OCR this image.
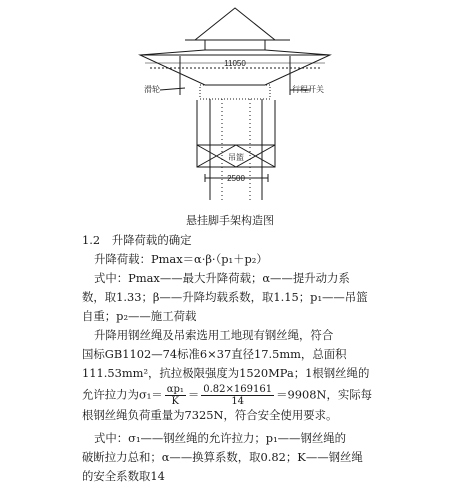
11050
滑轮	行程开关
吊篮
2500
悬挂脚手架构造图
1.2 升降荷载的确定
升降荷载：Pmax＝α·β·（p₁＋p₂）
式中：Pmax——最大升降荷载；α——提升动力系
数，取1.33；β——升降均载系数，取1.15；p₁——吊篮
自重；p₂——施工荷载
升降用钢丝绳及吊索选用工地现有钢丝绳，符合
国标GB1102—74标准6×37直径17.5mm，总面积
111.53mm²，抗拉极限强度为1520MPa；1根钢丝绳的
允许拉力为$\sigma_1= \frac{\text{αp₁}}{K} = \frac{0.82\times 169161}{14} =9908N$，实际每
根钢丝绳负荷重量为7325N，符合安全使用要求。
式中：σ₁——钢丝绳的允许拉力；p₁——钢丝绳的
破断拉力总和；α——换算系数，取0.82；K——钢丝绳
的安全系数取14
